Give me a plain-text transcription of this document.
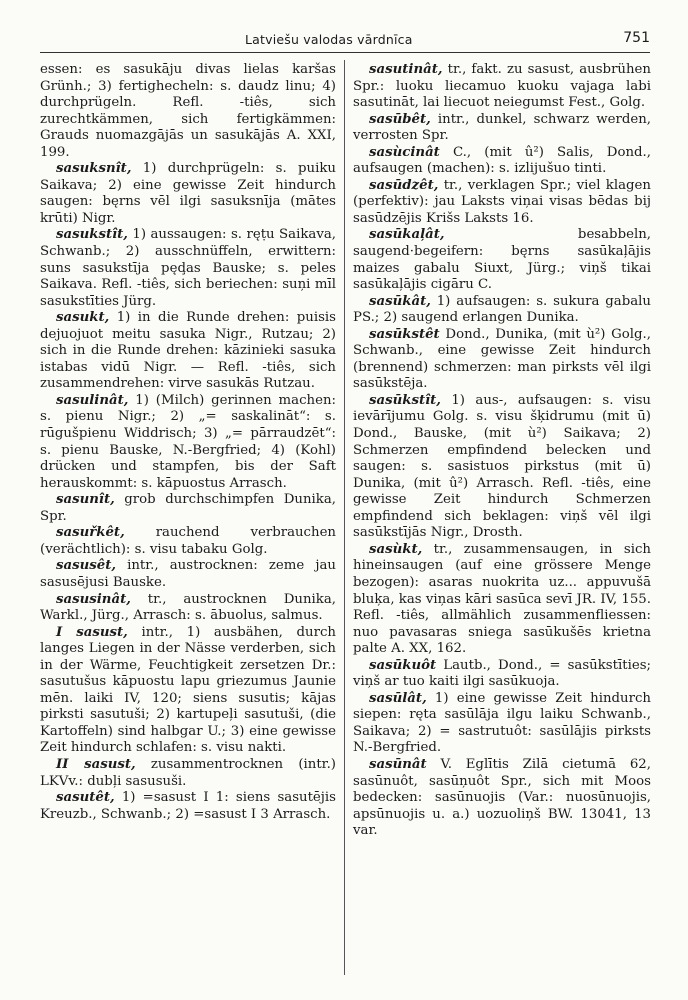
Latviešu valodas vārdnīca	751

essen: es sasukāju divas lielas karšas Grünh.; 3) fertighecheln: s. daudz linu; 4) durchprügeln. Refl. -tiês, sich zurechtkämmen, sich fertigkämmen: Grauds nuomazgājās un sasukājās A. XXI, 199.

sasuksnît, 1) durchprügeln: s. puiku Saikava; 2) eine gewisse Zeit hindurch saugen: bęrns vēl ilgi sasuksnīja (mātes krūti) Nigr.

sasukstît, 1) aussaugen: s. ręṭu Saikava, Schwanb.; 2) ausschnüffeln, erwittern: suns sasukstīja pęḑas Bauske; s. peles Saikava. Refl. -tiês, sich beriechen: suņi mīl sasukstīties Jürg.

sasukt, 1) in die Runde drehen: puisis dejuojuot meitu sasuka Nigr., Rutzau; 2) sich in die Runde drehen: kāzinieki sasuka istabas vidū Nigr. — Refl. -tiês, sich zusammendrehen: virve sasukās Rutzau.

sasulinât, 1) (Milch) gerinnen machen: s. pienu Nigr.; 2) „= saskalināt“: s. rūgušpienu Widdrisch; 3) „= pārraudzēt“: s. pienu Bauske, N.-Bergfried; 4) (Kohl) drücken und stampfen, bis der Saft herauskommt: s. kāpuostus Arrasch.

sasunît, grob durchschimpfen Dunika, Spr.

sasuřkêt, rauchend verbrauchen (verächtlich): s. visu tabaku Golg.

sasusêt, intr., austrocknen: zeme jau sasusējusi Bauske.

sasusinât, tr., austrocknen Dunika, Warkl., Jürg., Arrasch: s. ābuolus, salmus.

I sasust, intr., 1) ausbähen, durch langes Liegen in der Nässe verderben, sich in der Wärme, Feuchtigkeit zersetzen Dr.: sasutušus kāpuostu lapu griezumus Jaunie mēn. laiki IV, 120; siens susutis; kājas pirksti sasutuši; 2) kartupeļi sasutuši, (die Kartoffeln) sind halbgar U.; 3) eine gewisse Zeit hindurch schlafen: s. visu nakti.

II sasust, zusammentrocknen (intr.) LKVv.: dubļi sasusuši.

sasutêt, 1) =sasust I 1: siens sasutējis Kreuzb., Schwanb.; 2) =sasust I 3 Arrasch.

sasutinât, tr., fakt. zu sasust, ausbrühen Spr.: luoku liecamuo kuoku vajaga labi sasutināt, lai liecuot neiegumst Fest., Golg.

sasūbêt, intr., dunkel, schwarz werden, verrosten Spr.

sasùcinât C., (mit û²) Salis, Dond., aufsaugen (machen): s. izlijušuo tinti.

sasūdzêt, tr., verklagen Spr.; viel klagen (perfektiv): jau Laksts viņai visas bēdas bij sasūdzējis Krišs Laksts 16.

sasūkaļât, besabbeln, saugend·begeifern: bęrns sasūkaļājis maizes gabalu Siuxt, Jürg.; viņš tikai sasūkaļājis cigāru C.

sasūkât, 1) aufsaugen: s. sukura gabalu PS.; 2) saugend erlangen Dunika.

sasūkstêt Dond., Dunika, (mit ù²) Golg., Schwanb., eine gewisse Zeit hindurch (brennend) schmerzen: man pirksts vēl ilgi sasūkstēja.

sasūkstît, 1) aus-, aufsaugen: s. visu ievārījumu Golg. s. visu šķidrumu (mit ū) Dond., Bauske, (mit ù²) Saikava; 2) Schmerzen empfindend belecken und saugen: s. sasistuos pirkstus (mit ū) Dunika, (mit û²) Arrasch. Refl. -tiês, eine gewisse Zeit hindurch Schmerzen empfindend sich beklagen: viņš vēl ilgi sasūkstījās Nigr., Drosth.

sasùkt, tr., zusammensaugen, in sich hineinsaugen (auf eine grössere Menge bezogen): asaras nuokrita uz... appuvušā bluķa, kas viņas kāri sasūca sevī JR. IV, 155. Refl. -tiês, allmählich zusammenfliessen: nuo pavasaras sniega sasūkušēs krietna palte A. XX, 162.

sasūkuôt Lautb., Dond., = sasūkstīties; viņš ar tuo kaiti ilgi sasūkuoja.

sasūlât, 1) eine gewisse Zeit hindurch siepen: ręta sasūlāja ilgu laiku Schwanb., Saikava; 2) = sastrutuôt: sasūlājis pirksts N.-Bergfried.

sasūnât V. Eglītis Zilā cietumā 62, sasūnuôt, sasūņuôt Spr., sich mit Moos bedecken: sasūnuojis (Var.: nuosūnuojis, apsūnuojis u. a.) uozuoliņš BW. 13041, 13 var.
